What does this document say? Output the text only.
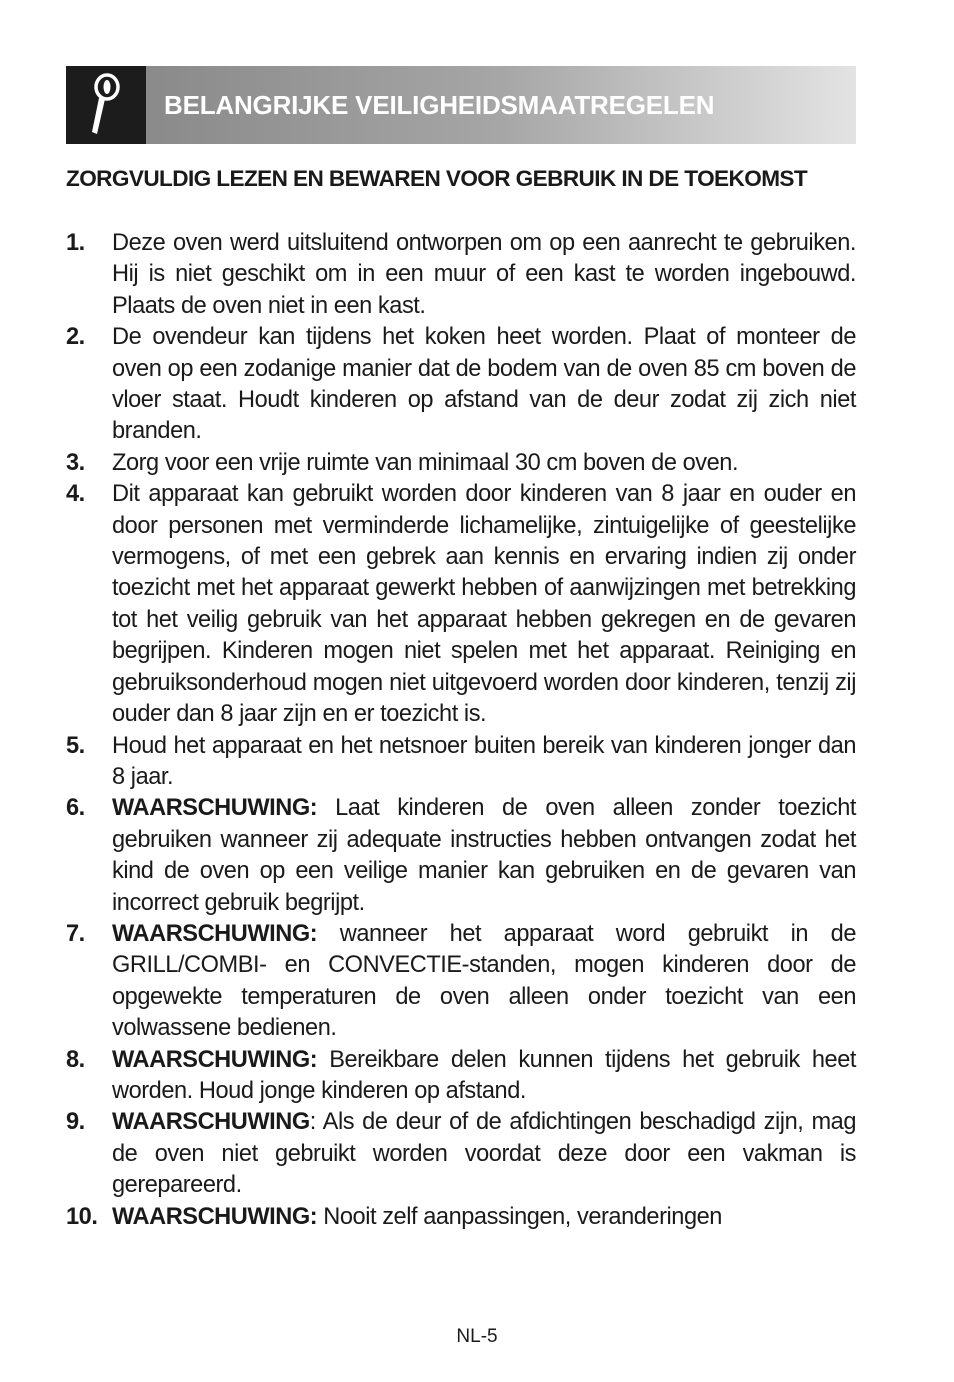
BELANGRIJKE VEILIGHEIDSMAATREGELEN
ZORGVULDIG LEZEN EN BEWAREN VOOR GEBRUIK IN DE TOEKOMST
1.	Deze oven werd uitsluitend ontworpen om op een aanrecht te gebruiken. Hij is niet geschikt om in een muur of een kast te worden ingebouwd. Plaats de oven niet in een kast.
2.	De ovendeur kan tijdens het koken heet worden. Plaat of monteer de oven op een zodanige manier dat de bodem van de oven 85 cm boven de vloer staat. Houdt kinderen op afstand van de deur zodat zij zich niet branden.
3.	Zorg voor een vrije ruimte van minimaal 30 cm boven de oven.
4.	Dit apparaat kan gebruikt worden door kinderen van 8 jaar en ouder en door personen met verminderde lichamelijke, zintuigelijke of geestelijke vermogens, of met een gebrek aan kennis en ervaring indien zij onder toezicht met het apparaat gewerkt hebben of aanwijzingen met betrekking tot het veilig gebruik van het apparaat hebben gekregen en de gevaren begrijpen. Kinderen mogen niet spelen met het apparaat. Reiniging en gebruiksonderhoud mogen niet uitgevoerd worden door kinderen, tenzij zij ouder dan 8 jaar zijn en er toezicht is.
5.	Houd het apparaat en het netsnoer buiten bereik van kinderen jonger dan 8 jaar.
6.	WAARSCHUWING: Laat kinderen de oven alleen zonder toezicht gebruiken wanneer zij adequate instructies hebben ontvangen zodat het kind de oven op een veilige manier kan gebruiken en de gevaren van incorrect gebruik begrijpt.
7.	WAARSCHUWING: wanneer het apparaat word gebruikt in de GRILL/COMBI- en CONVECTIE-standen, mogen kinderen door de opgewekte temperaturen de oven alleen onder toezicht van een volwassene bedienen.
8.	WAARSCHUWING: Bereikbare delen kunnen tijdens het gebruik heet worden. Houd jonge kinderen op afstand.
9.	WAARSCHUWING: Als de deur of de afdichtingen beschadigd zijn, mag de oven niet gebruikt worden voordat deze door een vakman is gerepareerd.
10. WAARSCHUWING: Nooit zelf aanpassingen, veranderingen
NL-5
